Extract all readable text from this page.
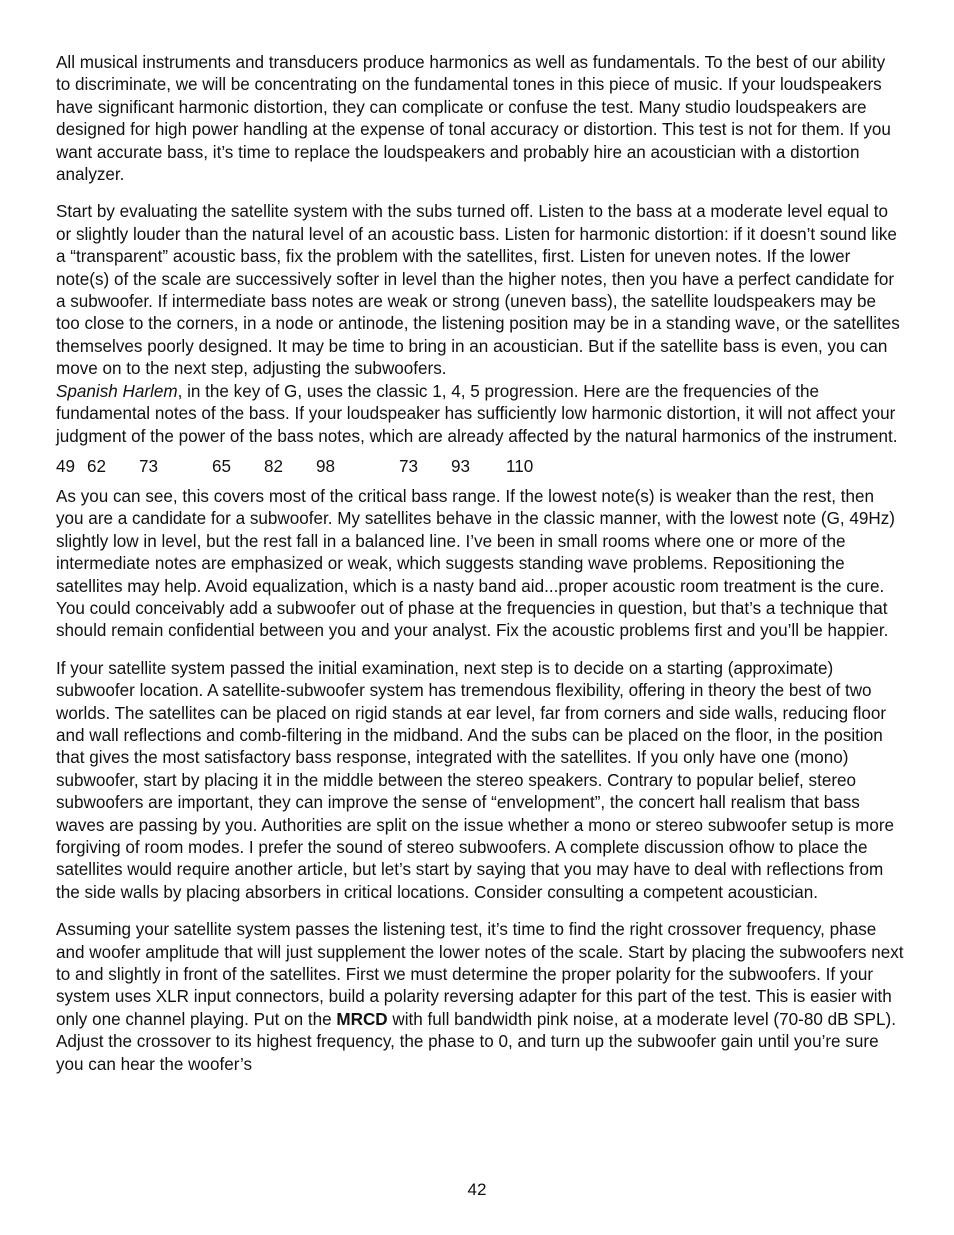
All musical instruments and transducers produce harmonics as well as fundamentals. To the best of our ability to discriminate, we will be concentrating on the fundamental tones in this piece of music. If your loudspeakers have significant harmonic distortion, they can complicate or confuse the test. Many studio loudspeakers are designed for high power handling at the expense of tonal accuracy or distortion. This test is not for them. If you want accurate bass, it’s time to replace the loudspeakers and probably hire an acoustician with a distortion analyzer.

Start by evaluating the satellite system with the subs turned off. Listen to the bass at a moderate level equal to or slightly louder than the natural level of an acoustic bass. Listen for harmonic distortion: if it doesn’t sound like a “transparent” acoustic bass, fix the problem with the satellites, first. Listen for uneven notes. If the lower note(s) of the scale are successively softer in level than the higher notes, then you have a perfect candidate for a subwoofer. If intermediate bass notes are weak or strong (uneven bass), the satellite loudspeakers may be too close to the corners, in a node or antinode, the listening position may be in a standing wave, or the satellites themselves poorly designed. It may be time to bring in an acoustician. But if the satellite bass is even, you can move on to the next step, adjusting the subwoofers.

Spanish Harlem, in the key of G, uses the classic 1, 4, 5 progression. Here are the frequencies of the fundamental notes of the bass. If your loudspeaker has sufficiently low harmonic distortion, it will not affect your judgment of the power of the bass notes, which are already affected by the natural harmonics of the instrument.

49 62	73	65	82	98	73	93	110

As you can see, this covers most of the critical bass range. If the lowest note(s) is weaker than the rest, then you are a candidate for a subwoofer. My satellites behave in the classic manner, with the lowest note (G, 49Hz) slightly low in level, but the rest fall in a balanced line. I’ve been in small rooms where one or more of the intermediate notes are emphasized or weak, which suggests standing wave problems. Repositioning the satellites may help. Avoid equalization, which is a nasty band aid...proper acoustic room treatment is the cure. You could conceivably add a subwoofer out of phase at the frequencies in question, but that’s a technique that should remain confidential between you and your analyst. Fix the acoustic problems first and you’ll be happier.

If your satellite system passed the initial examination, next step is to decide on a starting (approximate) subwoofer location. A satellite-subwoofer system has tremendous flexibility, offering in theory the best of two worlds. The satellites can be placed on rigid stands at ear level, far from corners and side walls, reducing floor and wall reflections and comb-filtering in the midband. And the subs can be placed on the floor, in the position that gives the most satisfactory bass response, integrated with the satellites. If you only have one (mono) subwoofer, start by placing it in the middle between the stereo speakers. Contrary to popular belief, stereo subwoofers are important, they can improve the sense of “envelopment”, the concert hall realism that bass waves are passing by you. Authorities are split on the issue whether a mono or stereo subwoofer setup is more forgiving of room modes. I prefer the sound of stereo subwoofers. A complete discussion ofhow to place the satellites would require another article, but let’s start by saying that you may have to deal with reflections from the side walls by placing absorbers in critical locations. Consider consulting a competent acoustician.

Assuming your satellite system passes the listening test, it’s time to find the right crossover frequency, phase and woofer amplitude that will just supplement the lower notes of the scale. Start by placing the subwoofers next to and slightly in front of the satellites. First we must determine the proper polarity for the subwoofers. If your system uses XLR input connectors, build a polarity reversing adapter for this part of the test. This is easier with only one channel playing. Put on the MRCD with full bandwidth pink noise, at a moderate level (70-80 dB SPL). Adjust the crossover to its highest frequency, the phase to 0, and turn up the subwoofer gain until you’re sure you can hear the woofer’s

42
